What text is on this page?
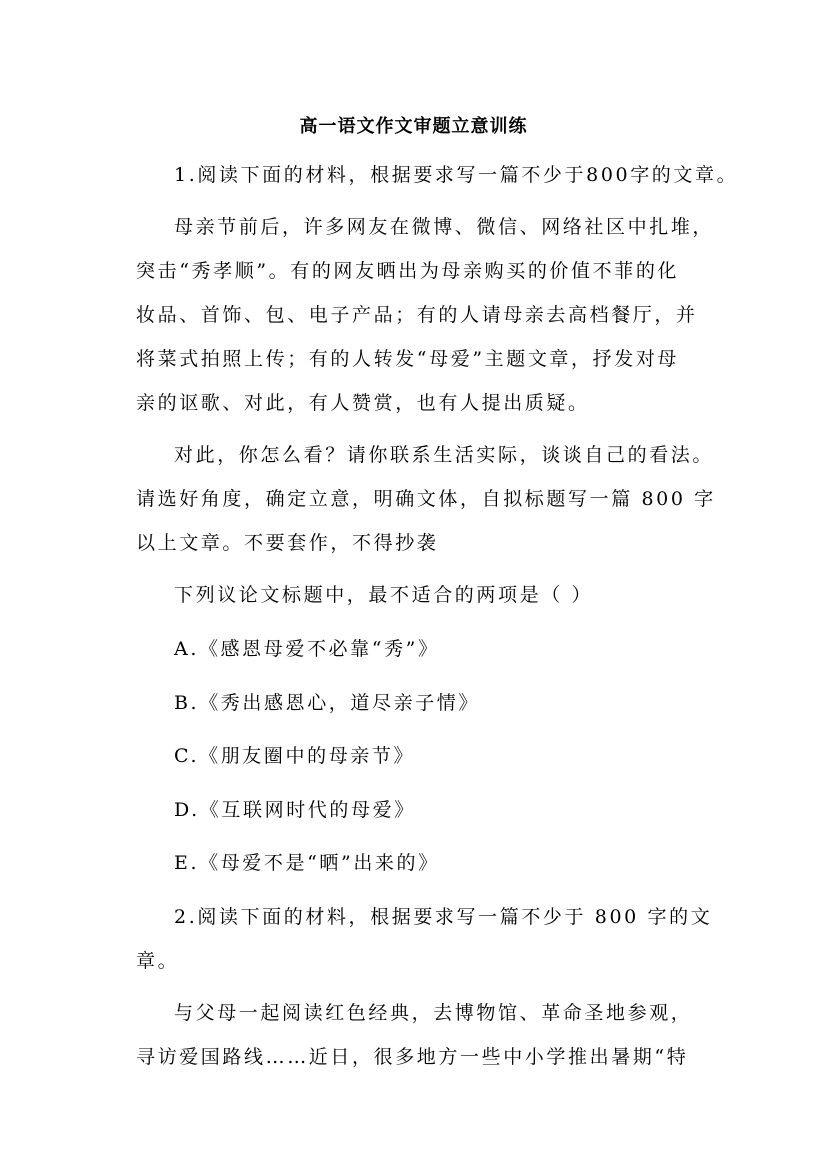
高一语文作文审题立意训练
1.阅读下面的材料，根据要求写一篇不少于800字的文章。
母亲节前后，许多网友在微博、微信、网络社区中扎堆，
突击“秀孝顺”。有的网友晒出为母亲购买的价值不菲的化
妆品、首饰、包、电子产品；有的人请母亲去高档餐厅，并
将菜式拍照上传；有的人转发“母爱”主题文章，抒发对母
亲的讴歌、对此，有人赞赏，也有人提出质疑。
对此，你怎么看？请你联系生活实际，谈谈自己的看法。
请选好角度，确定立意，明确文体，自拟标题写一篇 800 字
以上文章。不要套作，不得抄袭
下列议论文标题中，最不适合的两项是（ ）
A.《感恩母爱不必靠“秀”》
B.《秀出感恩心，道尽亲子情》
C.《朋友圈中的母亲节》
D.《互联网时代的母爱》
E.《母爱不是“晒”出来的》
2.阅读下面的材料，根据要求写一篇不少于 800 字的文
章。
与父母一起阅读红色经典，去博物馆、革命圣地参观，
寻访爱国路线……近日，很多地方一些中小学推出暑期“特
